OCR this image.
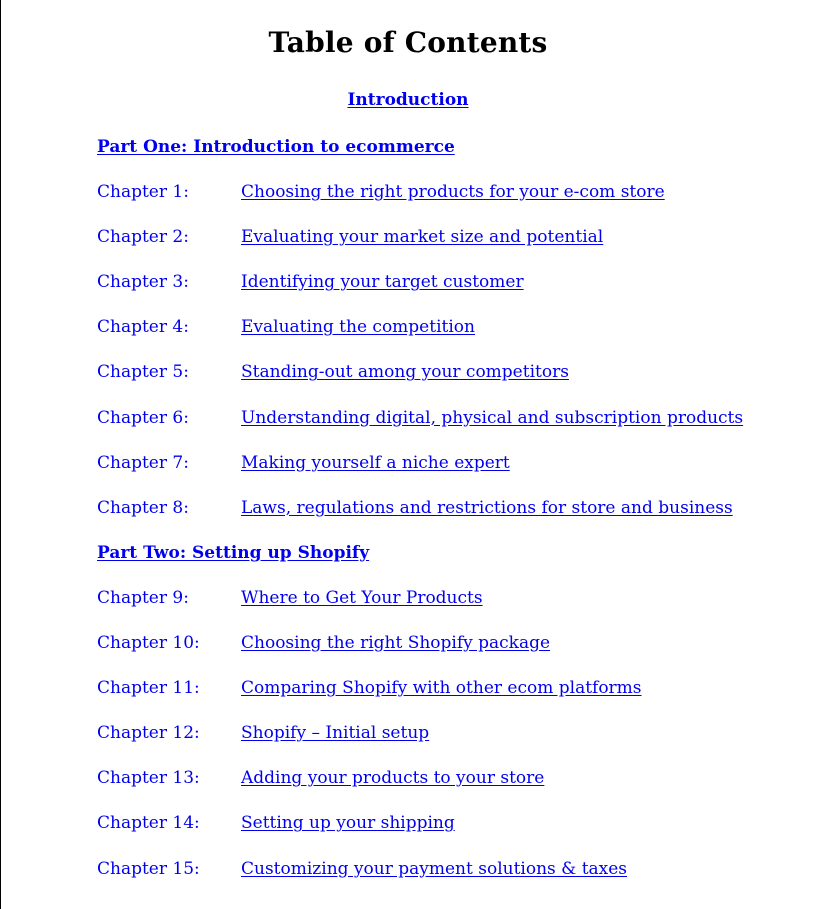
Table of Contents
Introduction
Part One: Introduction to ecommerce
Chapter 1:	Choosing the right products for your e-com store
Chapter 2:	Evaluating your market size and potential
Chapter 3:	Identifying your target customer
Chapter 4:	Evaluating the competition
Chapter 5:	Standing-out among your competitors
Chapter 6:	Understanding digital, physical and subscription products
Chapter 7:	Making yourself a niche expert
Chapter 8:	Laws, regulations and restrictions for store and business
Part Two: Setting up Shopify
Chapter 9:	Where to Get Your Products
Chapter 10: Choosing the right Shopify package
Chapter 11: Comparing Shopify with other ecom platforms
Chapter 12: Shopify – Initial setup
Chapter 13: Adding your products to your store
Chapter 14: Setting up your shipping
Chapter 15: Customizing your payment solutions & taxes
